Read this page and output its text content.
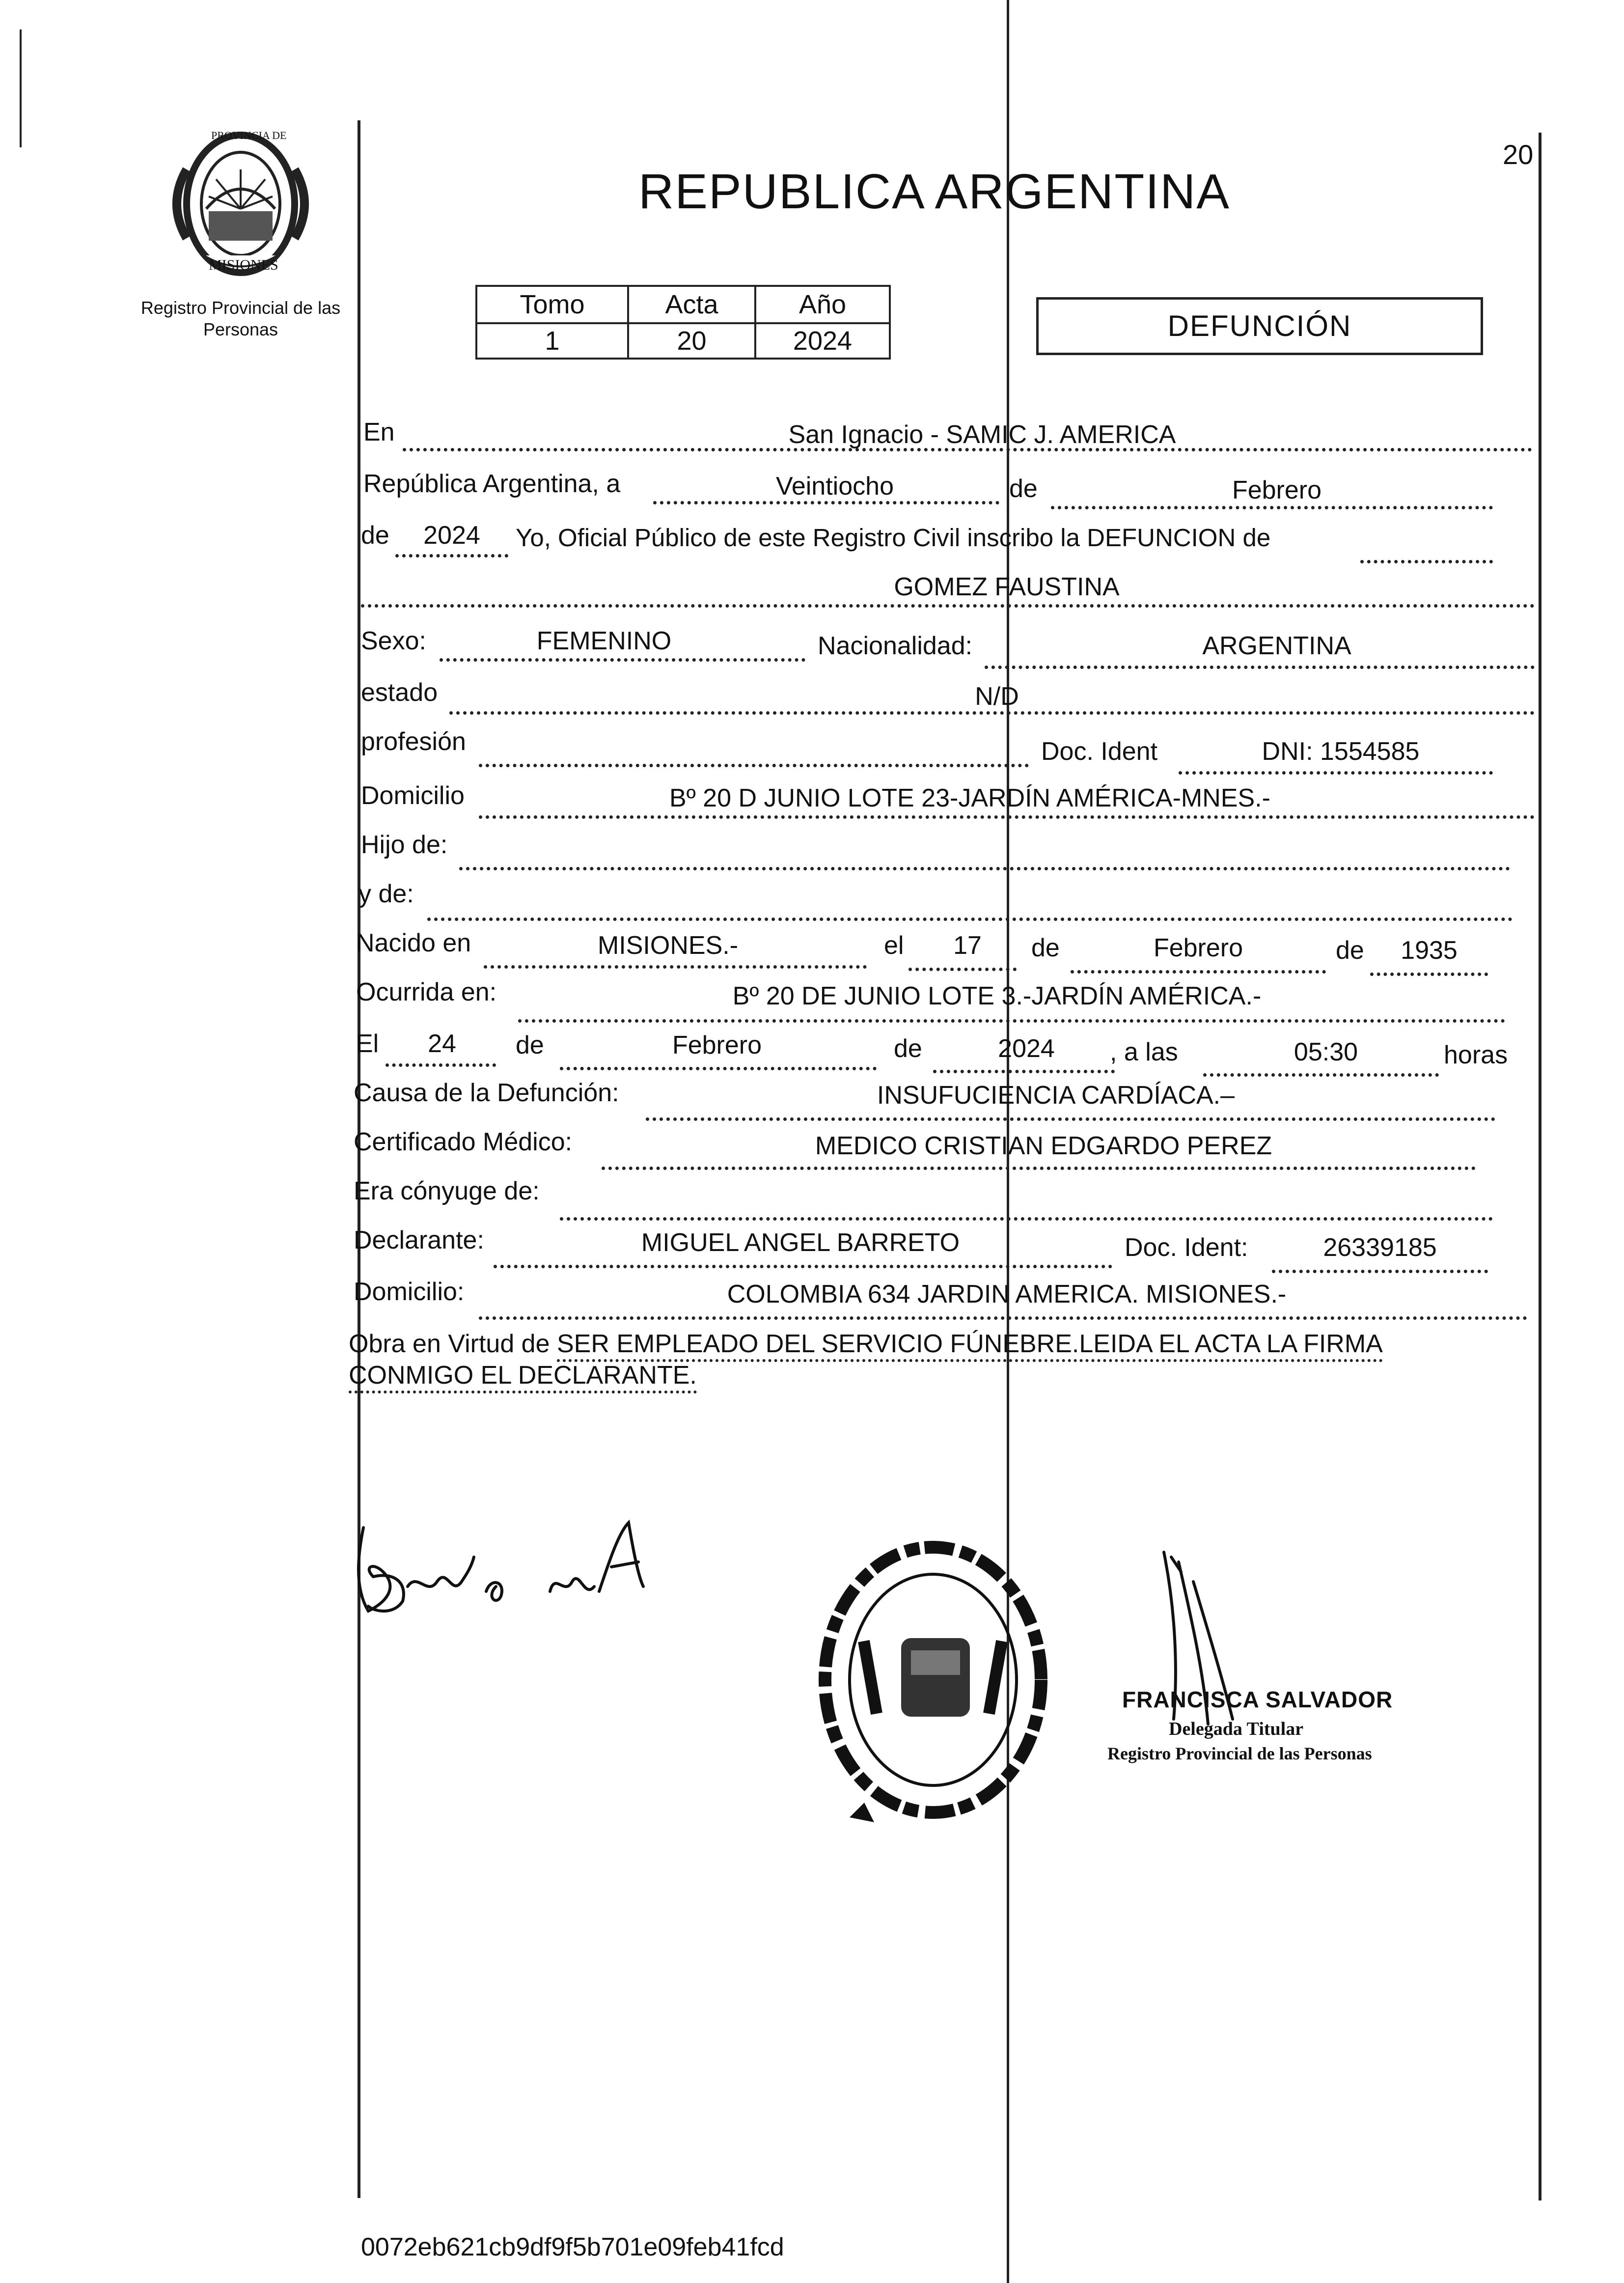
PROVINCIA DE
MISIONES
Registro Provincial de las Personas
20
REPUBLICA ARGENTINA
Tomo	Acta	Año
1	20	2024	DEFUNCIÓN
En	San Ignacio - SAMIC J. AMERICA
República Argentina, a	Veintiocho	de	Febrero
de	2024	Yo, Oficial Público de este Registro Civil inscribo la DEFUNCION de
GOMEZ FAUSTINA
Sexo:	FEMENINO	Nacionalidad:	ARGENTINA
estado	N/D
profesión	Doc. Ident	DNI: 1554585
Domicilio	Bº 20 D JUNIO LOTE 23-JARDÍN AMÉRICA-MNES.-
Hijo de:
y de:
Nacido en	MISIONES.-	el	17	de	Febrero	de	1935
Ocurrida en:	Bº 20 DE JUNIO LOTE 3.-JARDÍN AMÉRICA.-
El	24	de	Febrero	de	2024	, a las	05:30	horas
Causa de la Defunción:	INSUFUCIENCIA CARDÍACA.–
Certificado Médico:	MEDICO CRISTIAN EDGARDO PEREZ
Era cónyuge de:
Declarante:	MIGUEL ANGEL BARRETO	Doc. Ident:	26339185
Domicilio:	COLOMBIA 634 JARDIN AMERICA. MISIONES.-
Obra en Virtud de SER EMPLEADO DEL SERVICIO FÚNEBRE.LEIDA EL ACTA LA FIRMA
CONMIGO EL DECLARANTE.
FRANCISCA SALVADOR
Delegada Titular
Registro Provincial de las Personas
0072eb621cb9df9f5b701e09feb41fcd
